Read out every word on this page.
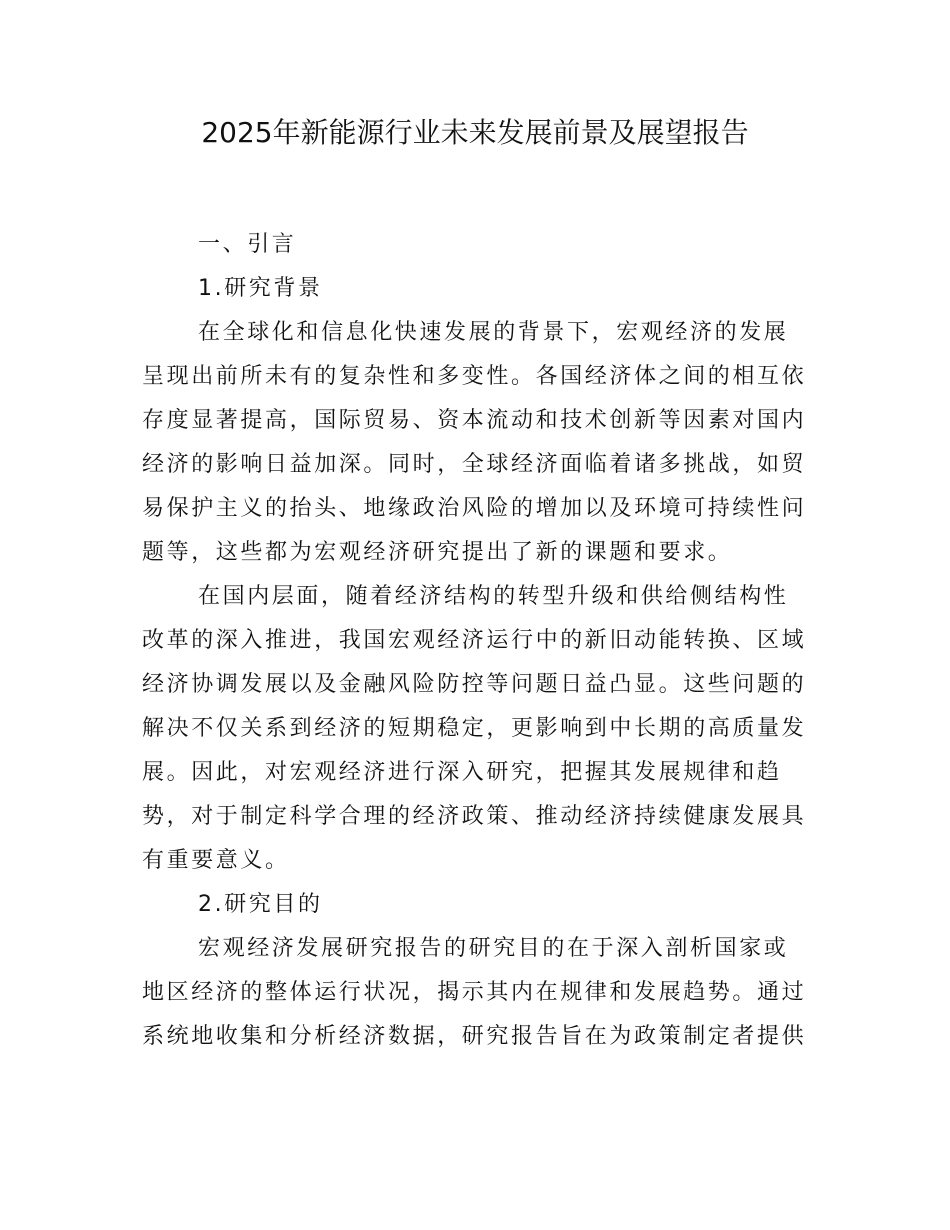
2025年新能源行业未来发展前景及展望报告

一、引言

1.研究背景

在全球化和信息化快速发展的背景下，宏观经济的发展

呈现出前所未有的复杂性和多变性。各国经济体之间的相互依

存度显著提高，国际贸易、资本流动和技术创新等因素对国内

经济的影响日益加深。同时，全球经济面临着诸多挑战，如贸

易保护主义的抬头、地缘政治风险的增加以及环境可持续性问

题等，这些都为宏观经济研究提出了新的课题和要求。

在国内层面，随着经济结构的转型升级和供给侧结构性

改革的深入推进，我国宏观经济运行中的新旧动能转换、区域

经济协调发展以及金融风险防控等问题日益凸显。这些问题的

解决不仅关系到经济的短期稳定，更影响到中长期的高质量发

展。因此，对宏观经济进行深入研究，把握其发展规律和趋

势，对于制定科学合理的经济政策、推动经济持续健康发展具

有重要意义。

2.研究目的

宏观经济发展研究报告的研究目的在于深入剖析国家或

地区经济的整体运行状况，揭示其内在规律和发展趋势。通过

系统地收集和分析经济数据，研究报告旨在为政策制定者提供
